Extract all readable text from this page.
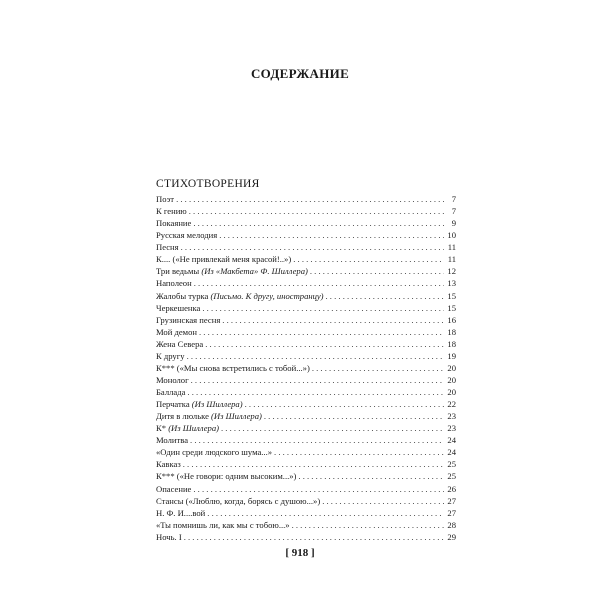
СОДЕРЖАНИЕ
СТИХОТВОРЕНИЯ
Поэт . . .	7
К гению . . .	7
Покаяние . . .	9
Русская мелодия . . .	10
Песня . . .	11
К.... («Не привлекай меня красой!..») . . .	11
Три ведьмы (Из «Макбета» Ф. Шиллера) . . .	12
Наполеон . . .	13
Жалобы турка (Письмо. К другу, иностранцу) . . .	15
Черкешенка . . .	15
Грузинская песня . . .	16
Мой демон . . .	18
Жена Севера . . .	18
К другу . . .	19
К*** («Мы снова встретились с тобой...») . . .	20
Монолог . . .	20
Баллада . . .	20
Перчатка (Из Шиллера) . . .	22
Дитя в люльке (Из Шиллера) . . .	23
К* (Из Шиллера) . . .	23
Молитва . . .	24
«Один среди людского шума...» . . .	24
Кавказ . . .	25
К*** («Не говори: одним высоким...») . . .	25
Опасение . . .	26
Стансы («Люблю, когда, борясь с душою...») . . .	27
Н. Ф. И....вой . . .	27
«Ты помнишь ли, как мы с тобою...» . . .	28
Ночь. I . . .	29
[ 918 ]
